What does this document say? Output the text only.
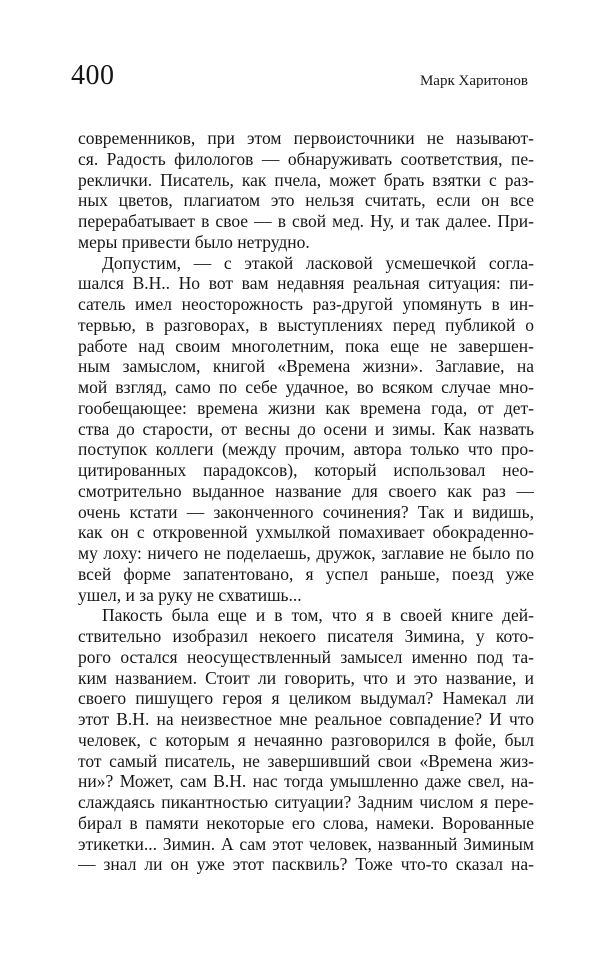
400	Марк Харитонов
современников, при этом первоисточники не называют-
ся. Радость филологов — обнаруживать соответствия, пе-
реклички. Писатель, как пчела, может брать взятки с раз-
ных цветов, плагиатом это нельзя считать, если он все
перерабатывает в свое — в свой мед. Ну, и так далее. При-
меры привести было нетрудно.
Допустим, — с этакой ласковой усмешечкой согла-
шался В.Н.. Но вот вам недавняя реальная ситуация: пи-
сатель имел неосторожность раз-другой упомянуть в ин-
тервью, в разговорах, в выступлениях перед публикой о
работе над своим многолетним, пока еще не завершен-
ным замыслом, книгой «Времена жизни». Заглавие, на
мой взгляд, само по себе удачное, во всяком случае мно-
гообещающее: времена жизни как времена года, от дет-
ства до старости, от весны до осени и зимы. Как назвать
поступок коллеги (между прочим, автора только что про-
цитированных парадоксов), который использовал нео-
смотрительно выданное название для своего как раз —
очень кстати — законченного сочинения? Так и видишь,
как он с откровенной ухмылкой помахивает обокраденно-
му лоху: ничего не поделаешь, дружок, заглавие не было по
всей форме запатентовано, я успел раньше, поезд уже
ушел, и за руку не схватишь...
Пакость была еще и в том, что я в своей книге дей-
ствительно изобразил некоего писателя Зимина, у кото-
рого остался неосуществленный замысел именно под та-
ким названием. Стоит ли говорить, что и это название, и
своего пишущего героя я целиком выдумал? Намекал ли
этот В.Н. на неизвестное мне реальное совпадение? И что
человек, с которым я нечаянно разговорился в фойе, был
тот самый писатель, не завершивший свои «Времена жиз-
ни»? Может, сам В.Н. нас тогда умышленно даже свел, на-
слаждаясь пикантностью ситуации? Задним числом я пере-
бирал в памяти некоторые его слова, намеки. Ворованные
этикетки... Зимин. А сам этот человек, названный Зиминым
— знал ли он уже этот пасквиль? Тоже что-то сказал на-
